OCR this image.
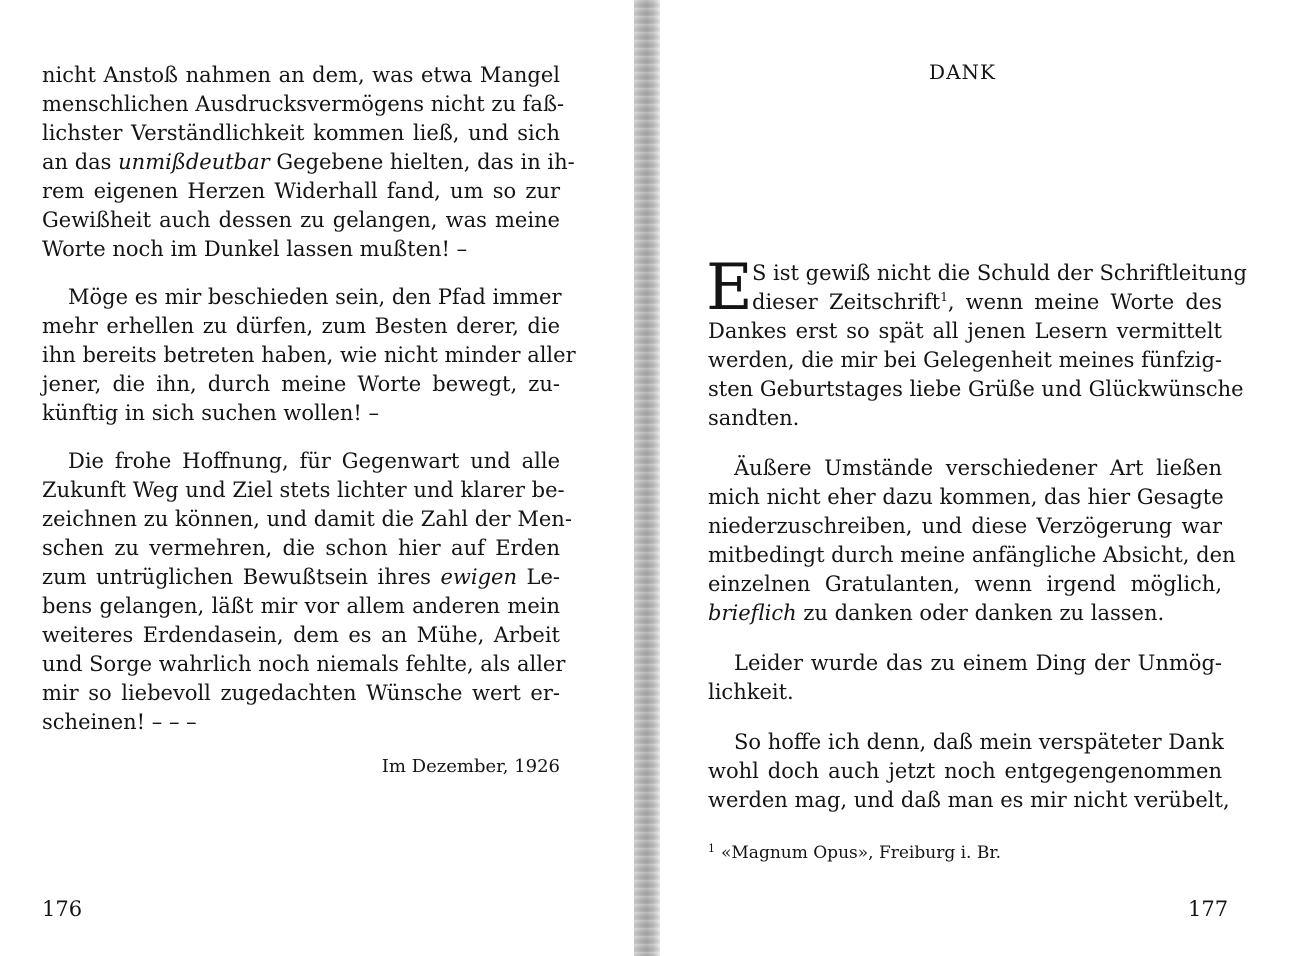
nicht Anstoß nahmen an dem, was etwa Mangel
menschlichen Ausdrucksvermögens nicht zu faß-
lichster Verständlichkeit kommen ließ, und sich
an das unmißdeutbar Gegebene hielten, das in ih-
rem eigenen Herzen Widerhall fand, um so zur
Gewißheit auch dessen zu gelangen, was meine
Worte noch im Dunkel lassen mußten! –

Möge es mir beschieden sein, den Pfad immer
mehr erhellen zu dürfen, zum Besten derer, die
ihn bereits betreten haben, wie nicht minder aller
jener, die ihn, durch meine Worte bewegt, zu-
künftig in sich suchen wollen! –

Die frohe Hoffnung, für Gegenwart und alle
Zukunft Weg und Ziel stets lichter und klarer be-
zeichnen zu können, und damit die Zahl der Men-
schen zu vermehren, die schon hier auf Erden
zum untrüglichen Bewußtsein ihres ewigen Le-
bens gelangen, läßt mir vor allem anderen mein
weiteres Erdendasein, dem es an Mühe, Arbeit
und Sorge wahrlich noch niemals fehlte, als aller
mir so liebevoll zugedachten Wünsche wert er-
scheinen! – – –

Im Dezember, 1926
176
DANK
E S ist gewiß nicht die Schuld der Schriftleitung
dieser Zeitschrift$^1$, wenn meine Worte des
Dankes erst so spät all jenen Lesern vermittelt
werden, die mir bei Gelegenheit meines fünfzig-
sten Geburtstages liebe Grüße und Glückwünsche
sandten.

Äußere Umstände verschiedener Art ließen
mich nicht eher dazu kommen, das hier Gesagte
niederzuschreiben, und diese Verzögerung war
mitbedingt durch meine anfängliche Absicht, den
einzelnen Gratulanten, wenn irgend möglich,
brieflich zu danken oder danken zu lassen.

Leider wurde das zu einem Ding der Unmög-
lichkeit.

So hoffe ich denn, daß mein verspäteter Dank
wohl doch auch jetzt noch entgegengenommen
werden mag, und daß man es mir nicht verübelt,

$^1$ «Magnum Opus», Freiburg i. Br.
177
